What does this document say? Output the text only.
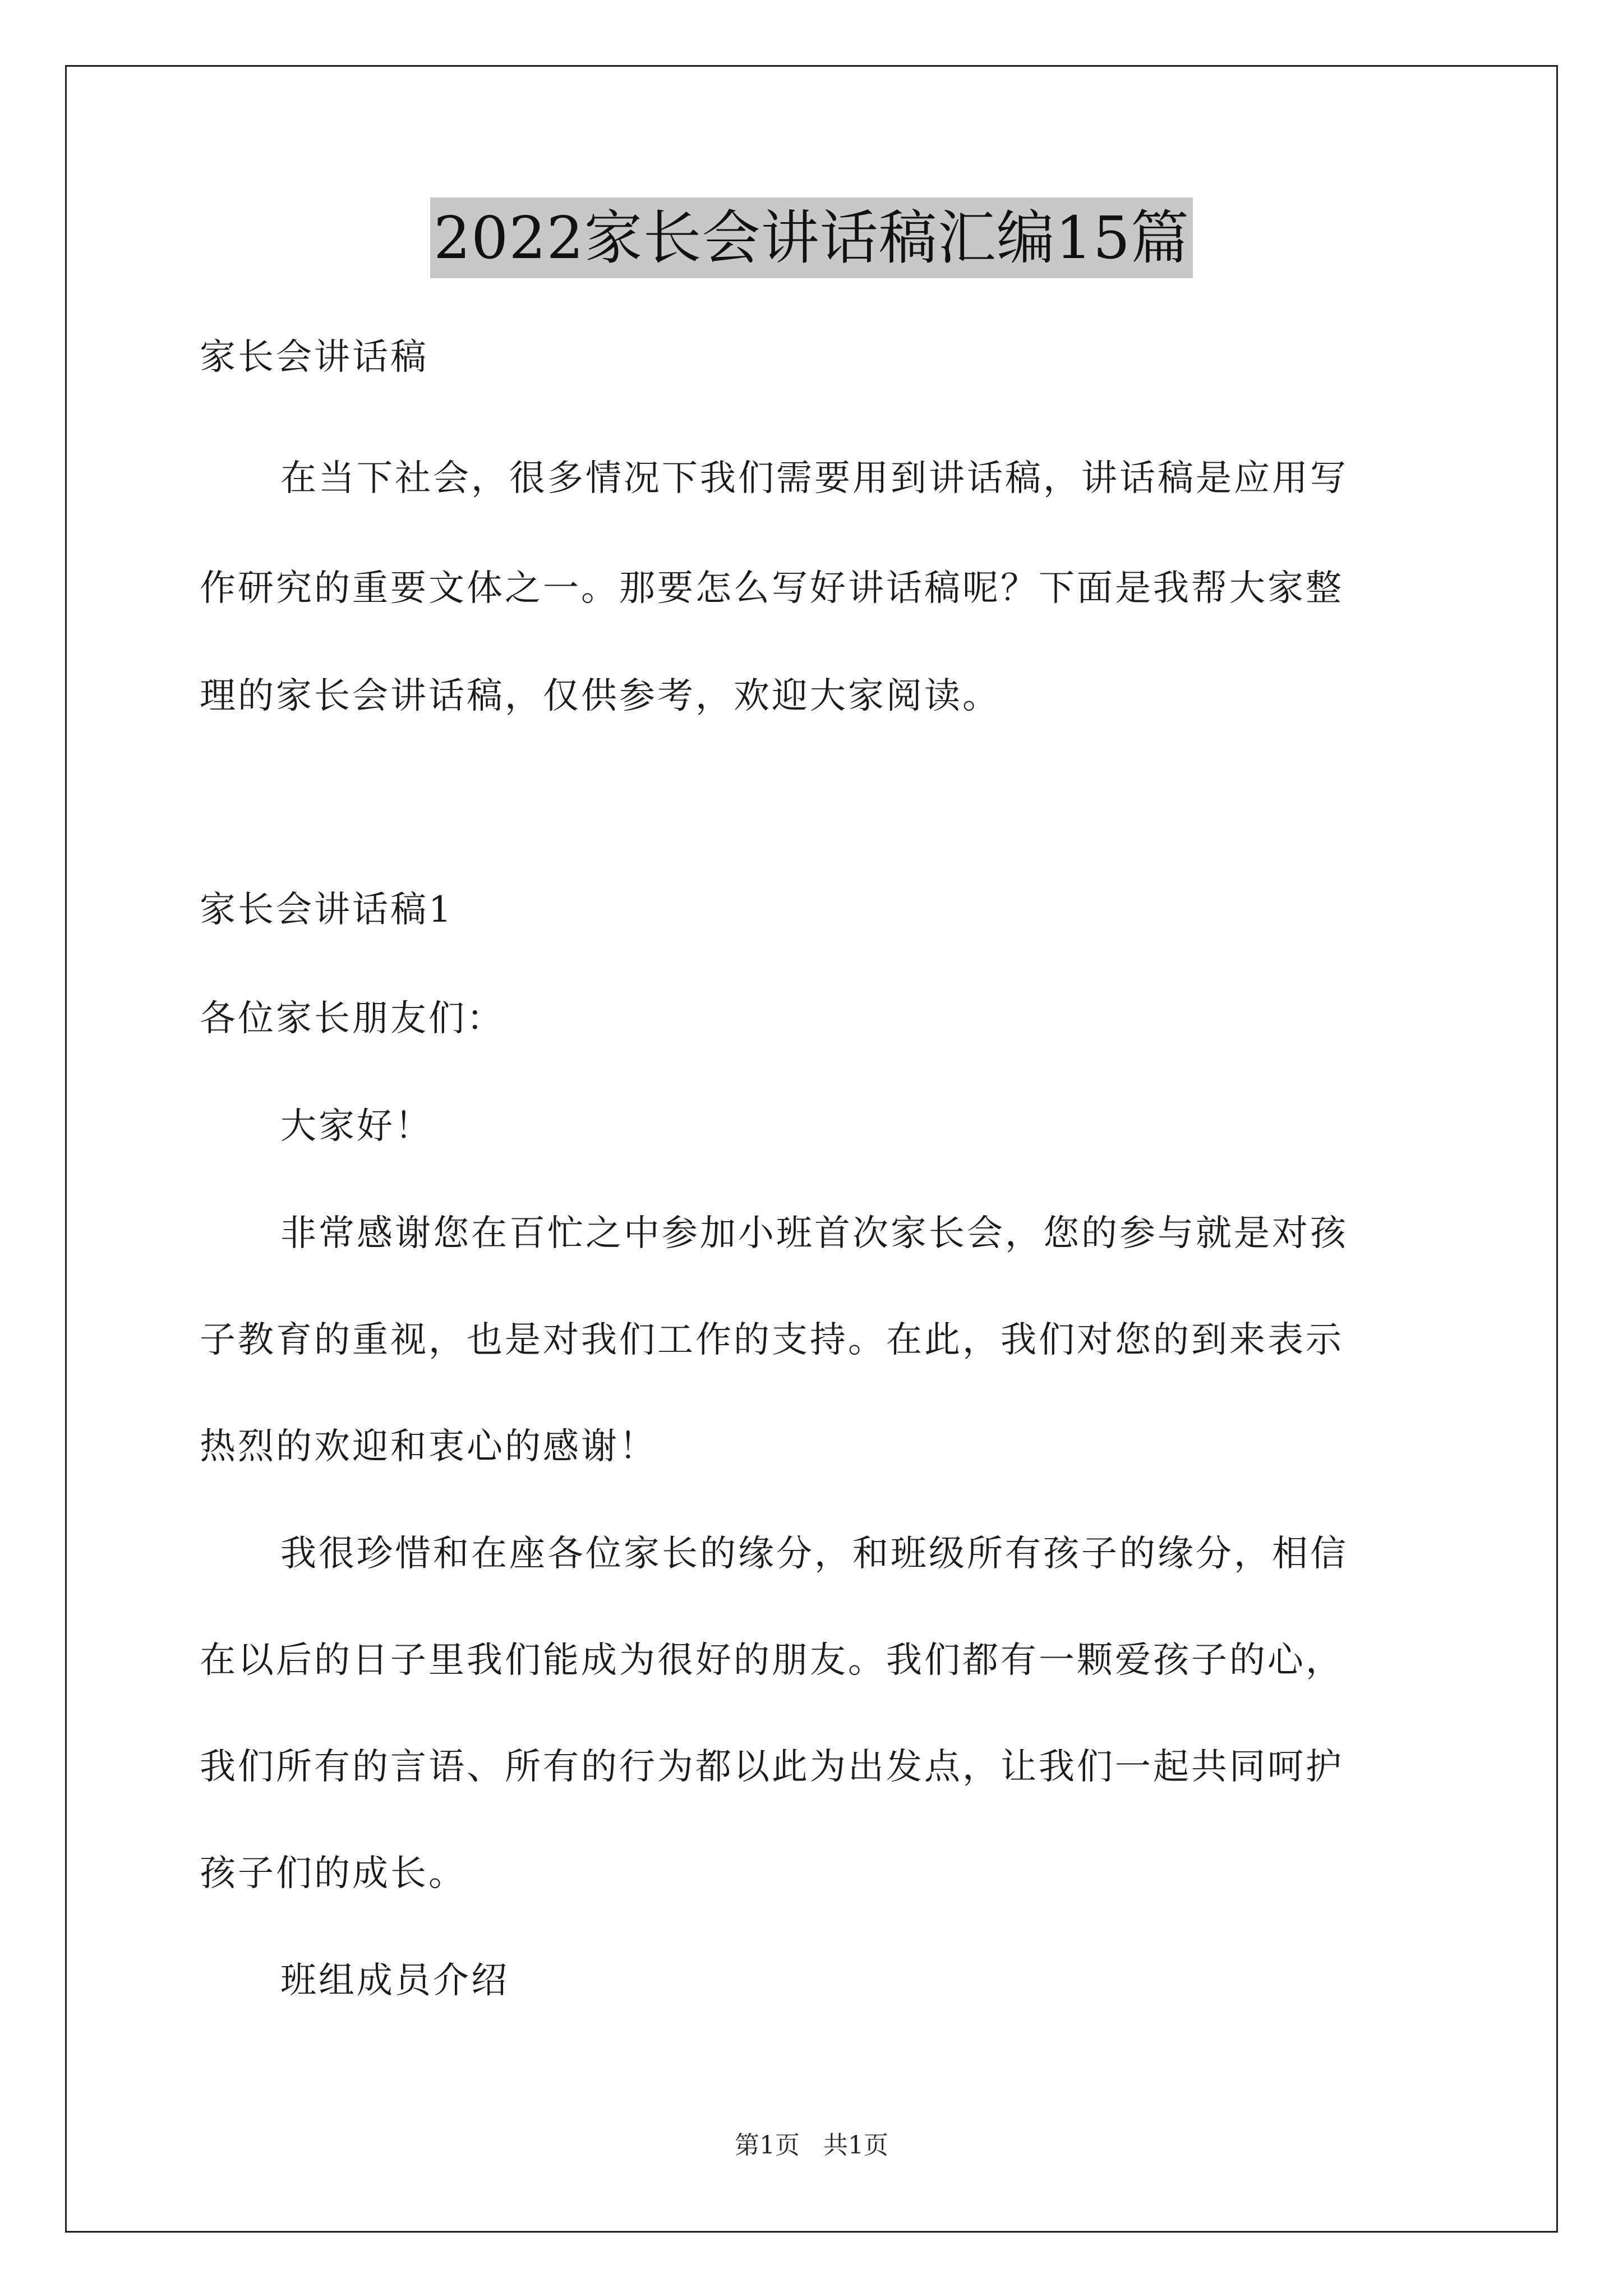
2022家长会讲话稿汇编15篇
家长会讲话稿
在当下社会，很多情况下我们需要用到讲话稿，讲话稿是应用写
作研究的重要文体之一。那要怎么写好讲话稿呢？下面是我帮大家整
理的家长会讲话稿，仅供参考，欢迎大家阅读。
家长会讲话稿1
各位家长朋友们：
大家好！
非常感谢您在百忙之中参加小班首次家长会，您的参与就是对孩
子教育的重视，也是对我们工作的支持。在此，我们对您的到来表示
热烈的欢迎和衷心的感谢！
我很珍惜和在座各位家长的缘分，和班级所有孩子的缘分，相信
在以后的日子里我们能成为很好的朋友。我们都有一颗爱孩子的心，
我们所有的言语、所有的行为都以此为出发点，让我们一起共同呵护
孩子们的成长。
班组成员介绍
第1页 共1页
